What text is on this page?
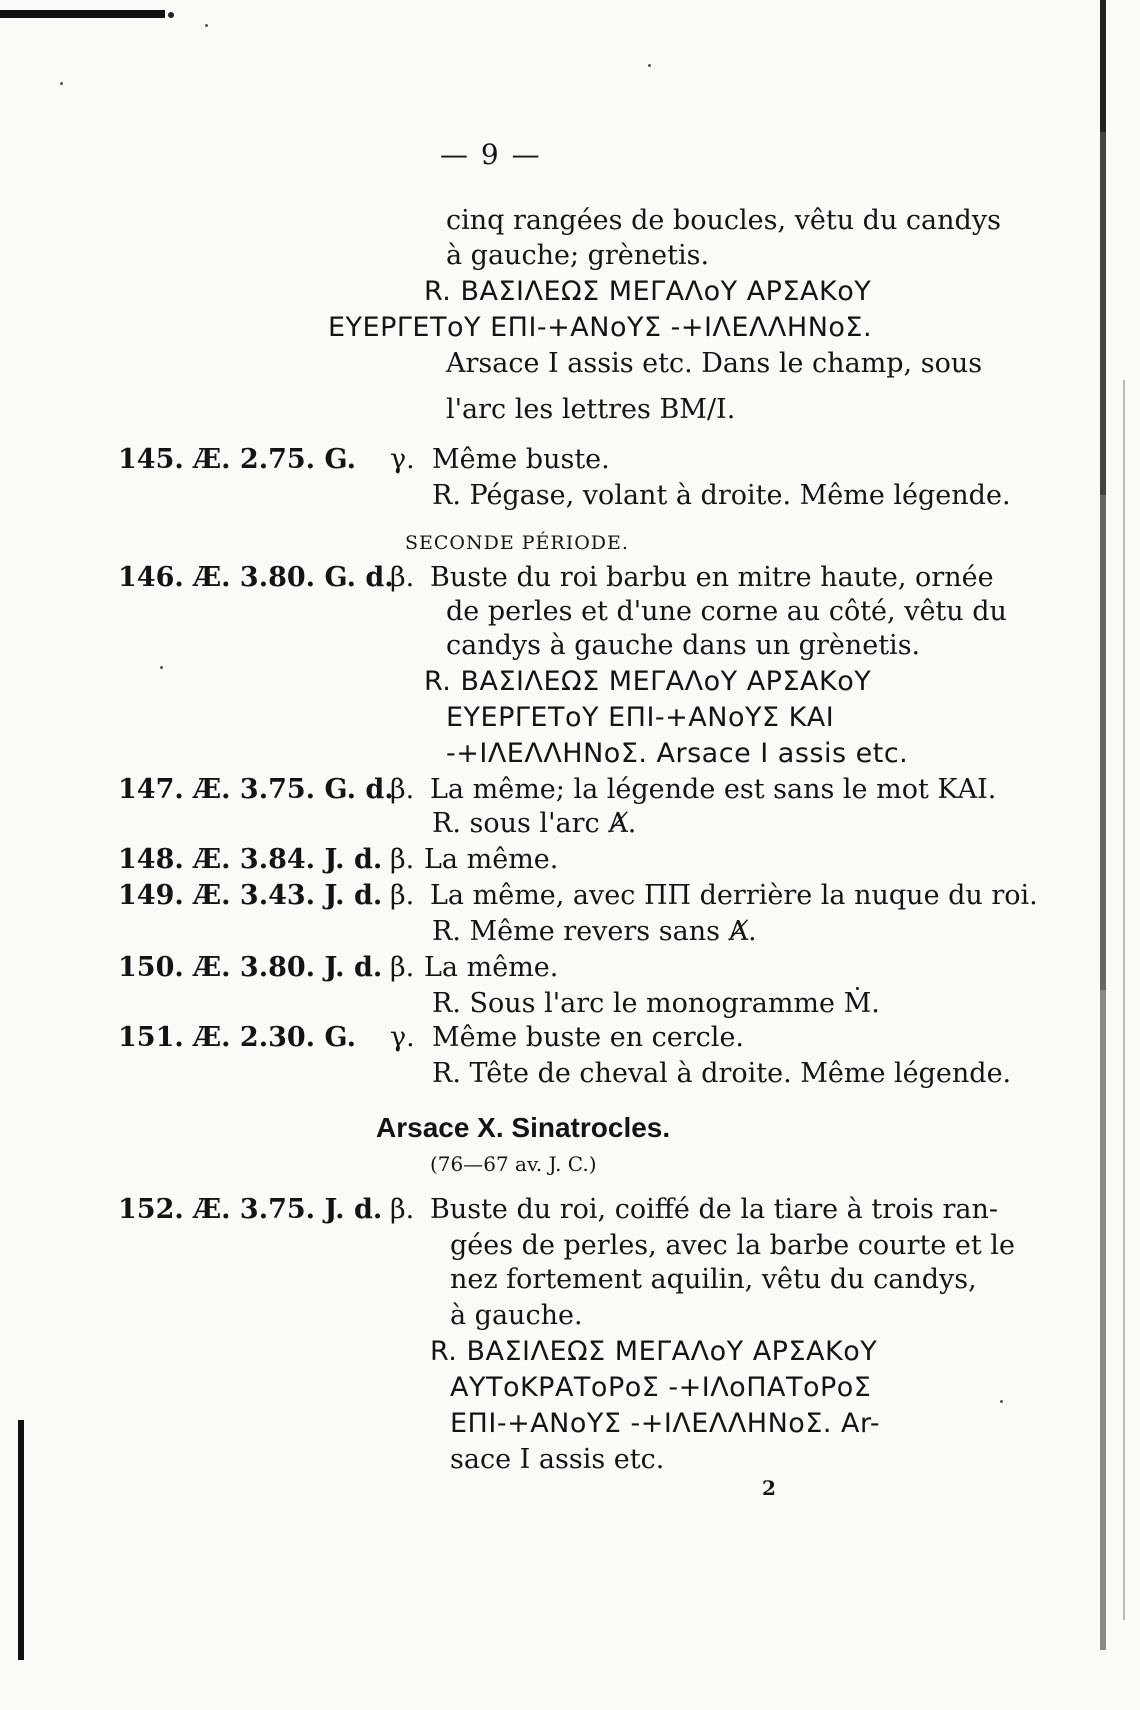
— 9 —
cinq rangées de boucles, vêtu du candys
à gauche; grènetis.
R. ΒΑΣΙΛΕΩΣ ΜΕΓΑΛοΥ ΑΡΣΑΚοΥ
ΕΥΕΡΓΕΤοΥ ΕΠΙ-+ΑΝοΥΣ -+ΙΛΕΛΛΗΝοΣ.
Arsace I assis etc. Dans le champ, sous
l'arc les lettres ΒΜ/Ι.
145. Æ. 2.75. G. γ. Même buste.
R. Pégase, volant à droite. Même légende.
SECONDE PÉRIODE.
146. Æ. 3.80. G. d.
β. Buste du roi barbu en mitre haute, ornée
de perles et d'une corne au côté, vêtu du
candys à gauche dans un grènetis.
R. ΒΑΣΙΛΕΩΣ ΜΕΓΑΛοΥ ΑΡΣΑΚοΥ
ΕΥΕΡΓΕΤοΥ ΕΠΙ-+ΑΝοΥΣ ΚΑΙ
-+ΙΛΕΛΛΗΝοΣ. Arsace I assis etc.
147. Æ. 3.75. G. d.
β. La même; la légende est sans le mot ΚΑΙ.
R. sous l'arc Ⱥ.
148. Æ. 3.84. J. d. β. La même.
149. Æ. 3.43. J. d. β. La même, avec ΠΠ derrière la nuque du roi.
R. Même revers sans Ⱥ.
150. Æ. 3.80. J. d. β. La même.
R. Sous l'arc le monogramme Ṁ.
151. Æ. 2.30. G. γ. Même buste en cercle.
R. Tête de cheval à droite. Même légende.
Arsace X. Sinatrocles.
(76—67 av. J. C.)
152. Æ. 3.75. J. d. β. Buste du roi, coiffé de la tiare à trois ran-
gées de perles, avec la barbe courte et le
nez fortement aquilin, vêtu du candys,
à gauche.
R. ΒΑΣΙΛΕΩΣ ΜΕΓΑΛοΥ ΑΡΣΑΚοΥ
ΑΥΤοΚΡΑΤοΡοΣ -+ΙΛοΠΑΤοΡοΣ
ΕΠΙ-+ΑΝοΥΣ -+ΙΛΕΛΛΗΝοΣ. Ar-
sace I assis etc.
2
